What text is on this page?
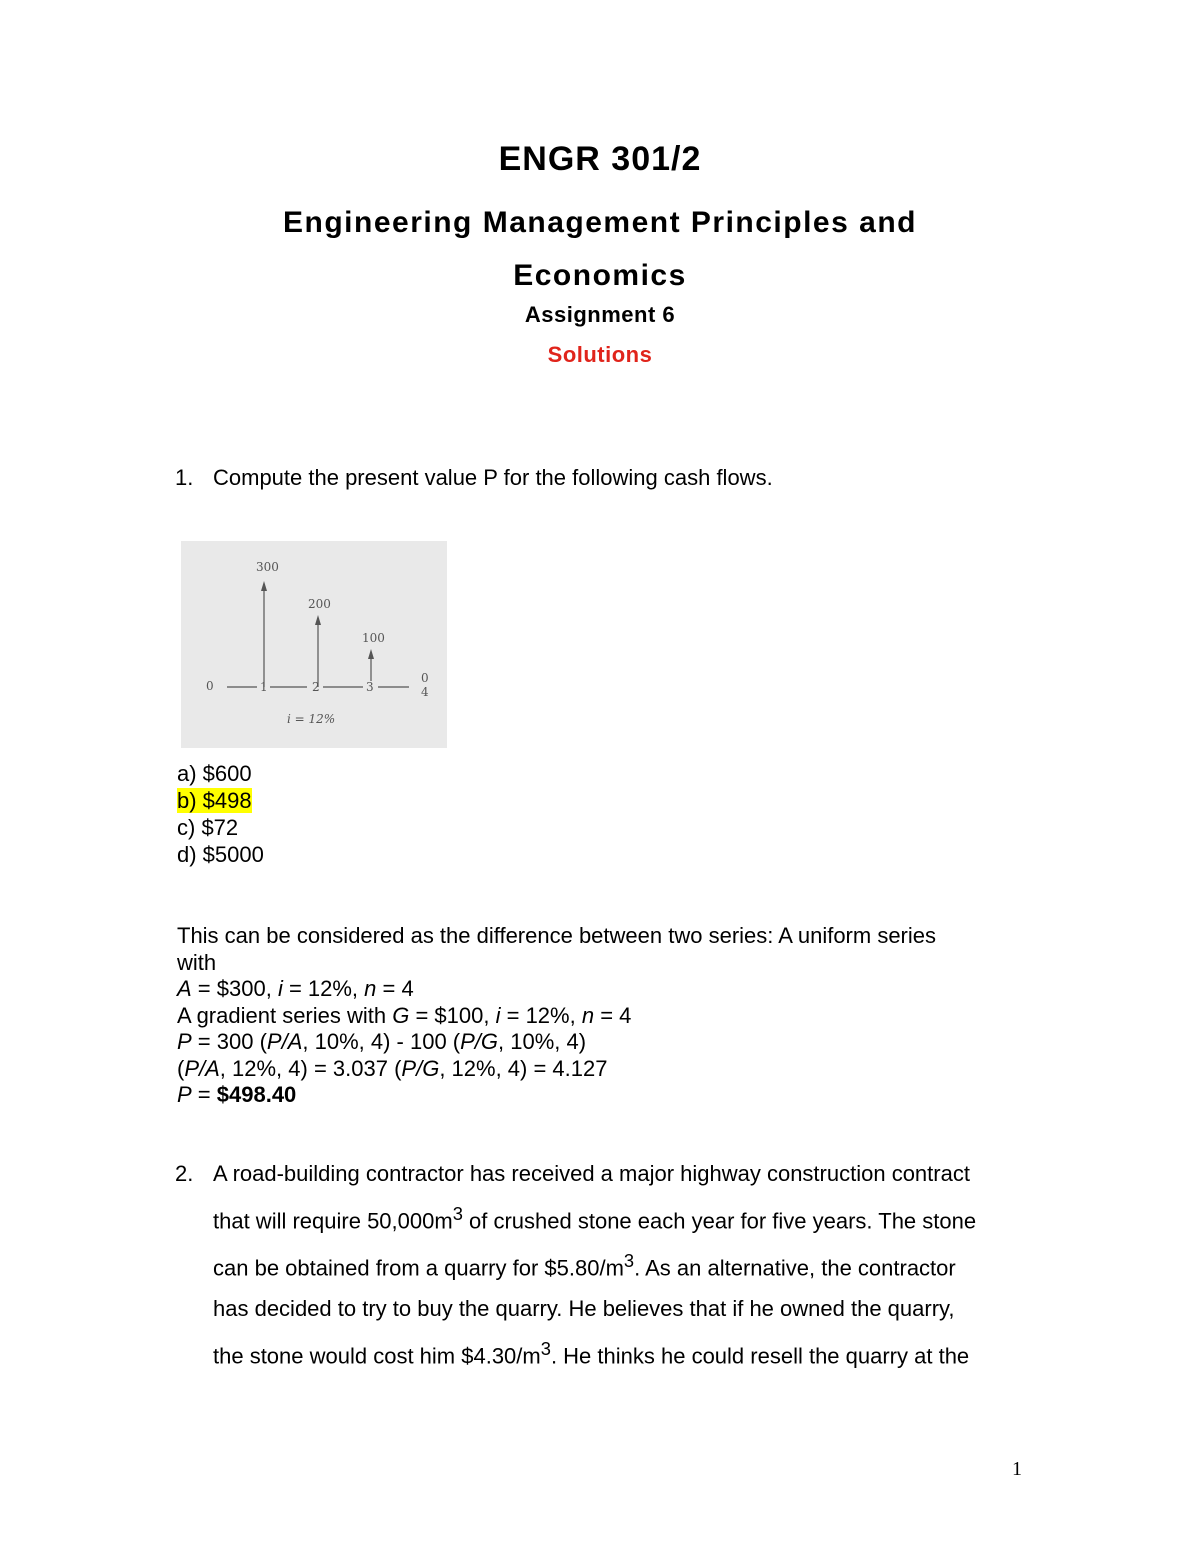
ENGR 301/2
Engineering Management Principles and
Economics
Assignment 6
Solutions
1. Compute the present value P for the following cash flows.
300
200
100
0	1	2	3
0
4
i = 12%
a) $600
b) $498
c) $72
d) $5000
This can be considered as the difference between two series: A uniform series
with
A = $300, i = 12%, n = 4
A gradient series with G = $100, i = 12%, n = 4
P = 300 (P/A, 10%, 4) - 100 (P/G, 10%, 4)
(P/A, 12%, 4) = 3.037 (P/G, 12%, 4) = 4.127
P = $498.40
2. A road-building contractor has received a major highway construction contract
that will require $50,000m^3$ of crushed stone each year for five years. The stone
can be obtained from a quarry for $\$5.80/m^3$. As an alternative, the contractor
has decided to try to buy the quarry. He believes that if he owned the quarry,
the stone would cost him $\$4.30/m^3$. He thinks he could resell the quarry at the
1
